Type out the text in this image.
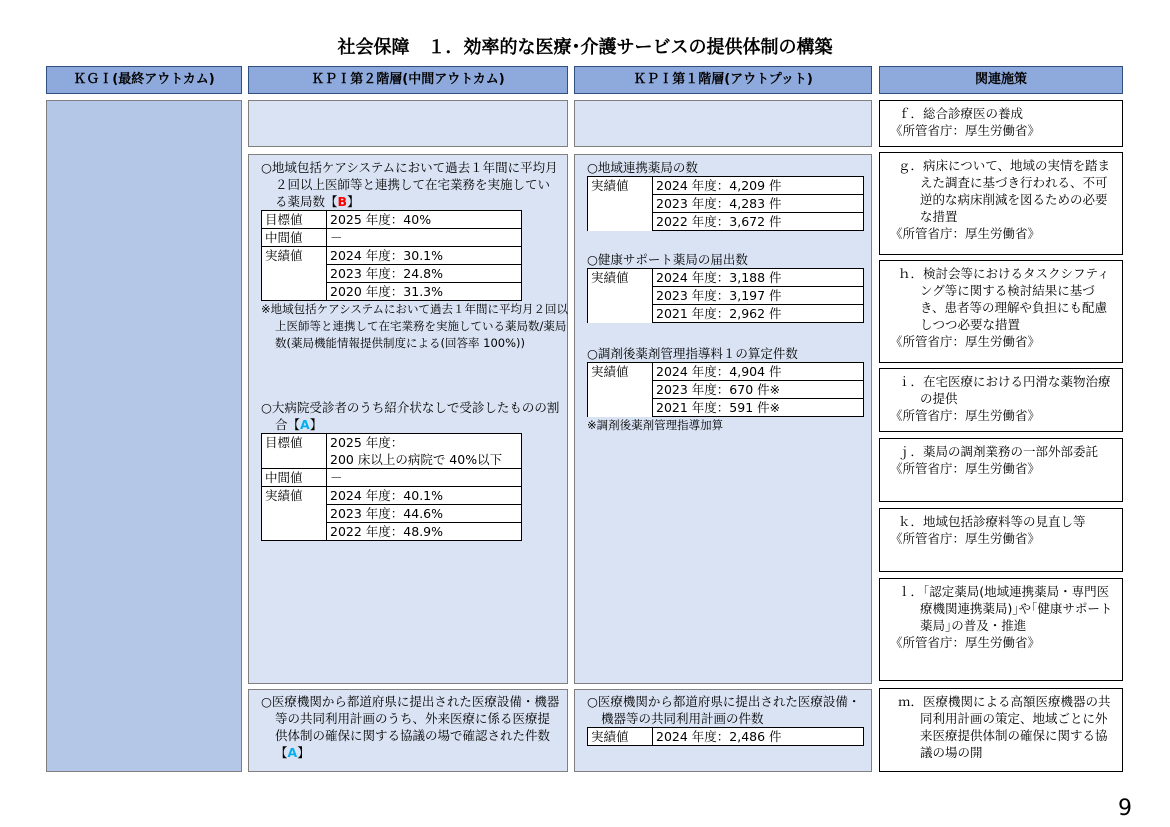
社会保障　１．効率的な医療･介護サービスの提供体制の構築
ＫＧＩ(最終アウトカム)	ＫＰＩ第２階層(中間アウトカム)	ＫＰＩ第１階層(アウトプット)	関連施策
○地域包括ケアシステムにおいて過去１年間に平均月２回以上医師等と連携して在宅業務を実施している薬局数【B】
目標値	2025 年度：40%
中間値	－
実績値	2024 年度：30.1%
	2023 年度：24.8%
	2020 年度：31.3%
※地域包括ケアシステムにおいて過去１年間に平均月２回以上医師等と連携して在宅業務を実施している薬局数/薬局数(薬局機能情報提供制度による(回答率 100%))
○大病院受診者のうち紹介状なしで受診したものの割合【A】
目標値	2025 年度：
200 床以上の病院で 40%以下

中間値	－
実績値	2024 年度：40.1%
	2023 年度：44.6%
	2022 年度：48.9%
○医療機関から都道府県に提出された医療設備・機器等の共同利用計画のうち、外来医療に係る医療提供体制の確保に関する協議の場で確認された件数【A】
○地域連携薬局の数
実績値	2024 年度：4,209 件
2023 年度：4,283 件
2022 年度：3,672 件
○健康サポート薬局の届出数
実績値	2024 年度：3,188 件
2023 年度：3,197 件
2021 年度：2,962 件
○調剤後薬剤管理指導料１の算定件数
実績値	2024 年度：4,904 件
2023 年度：670 件※
2021 年度：591 件※
※調剤後薬剤管理指導加算
○医療機関から都道府県に提出された医療設備・機器等の共同利用計画の件数
実績値	2024 年度：2,486 件
ｆ．総合診療医の養成
《所管省庁：厚生労働省》
ｇ．病床について、地域の実情を踏まえた調査に基づき行われる、不可逆的な病床削減を図るための必要な措置
《所管省庁：厚生労働省》
ｈ．検討会等におけるタスクシフティング等に関する検討結果に基づき、患者等の理解や負担にも配慮しつつ必要な措置
《所管省庁：厚生労働省》
ｉ．在宅医療における円滑な薬物治療の提供
《所管省庁：厚生労働省》
ｊ．薬局の調剤業務の一部外部委託
《所管省庁：厚生労働省》
ｋ．地域包括診療料等の見直し等
《所管省庁：厚生労働省》
ｌ．｢認定薬局(地域連携薬局・専門医療機関連携薬局)｣や｢健康サポート薬局｣の普及・推進
《所管省庁：厚生労働省》
ｍ．医療機関による高額医療機器の共同利用計画の策定、地域ごとに外来医療提供体制の確保に関する協議の場の開
9
